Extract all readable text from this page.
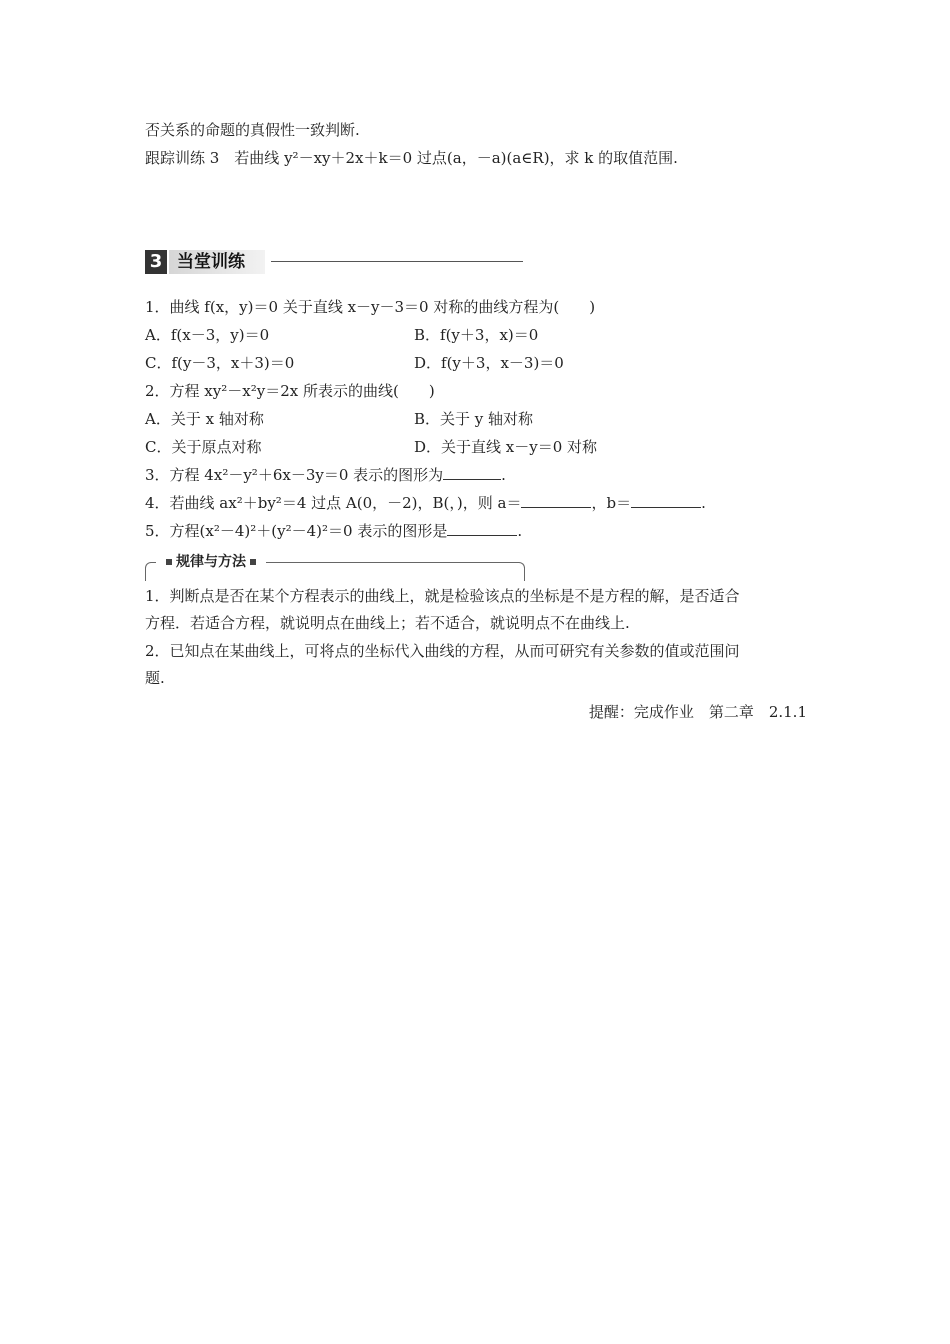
否关系的命题的真假性一致判断.
跟踪训练 3　若曲线 y²－xy＋2x＋k＝0 过点(a，－a)(a∈R)，求 k 的取值范围.
3 当堂训练
1．曲线 f(x，y)＝0 关于直线 x－y－3＝0 对称的曲线方程为(　　)
A．f(x－3，y)＝0	B．f(y＋3，x)＝0
C．f(y－3，x＋3)＝0	D．f(y＋3，x－3)＝0
2．方程 xy²－x²y＝2x 所表示的曲线(　　)
A．关于 x 轴对称	B．关于 y 轴对称
C．关于原点对称	D．关于直线 x－y＝0 对称
3．方程 4x²－y²＋6x－3y＝0 表示的图形为	.
4．若曲线 ax²＋by²＝4 过点 A(0，－2)，B(，)，则 a＝	，b＝	.
5．方程(x²－4)²＋(y²－4)²＝0 表示的图形是	.
规律与方法
1．判断点是否在某个方程表示的曲线上，就是检验该点的坐标是不是方程的解，是否适合
方程．若适合方程，就说明点在曲线上；若不适合，就说明点不在曲线上.
2．已知点在某曲线上，可将点的坐标代入曲线的方程，从而可研究有关参数的值或范围问
题.
提醒：完成作业　第二章　2.1.1
